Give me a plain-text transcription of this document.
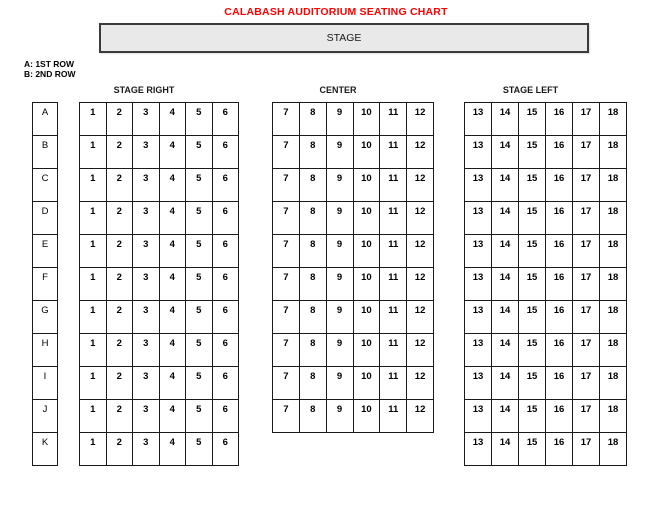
CALABASH AUDITORIUM SEATING CHART
STAGE
A: 1ST ROW
B: 2ND ROW
A
B
C
D
E
F
G
H
I
J
K
STAGE RIGHT
1	2	3	4	5	6
1	2	3	4	5	6
1	2	3	4	5	6
1	2	3	4	5	6
1	2	3	4	5	6
1	2	3	4	5	6
1	2	3	4	5	6
1	2	3	4	5	6
1	2	3	4	5	6
1	2	3	4	5	6
1	2	3	4	5	6
CENTER
7	8	9	10	11	12
7	8	9	10	11	12
7	8	9	10	11	12
7	8	9	10	11	12
7	8	9	10	11	12
7	8	9	10	11	12
7	8	9	10	11	12
7	8	9	10	11	12
7	8	9	10	11	12
7	8	9	10	11	12
STAGE LEFT
13	14	15	16	17	18
13	14	15	16	17	18
13	14	15	16	17	18
13	14	15	16	17	18
13	14	15	16	17	18
13	14	15	16	17	18
13	14	15	16	17	18
13	14	15	16	17	18
13	14	15	16	17	18
13	14	15	16	17	18
13	14	15	16	17	18
